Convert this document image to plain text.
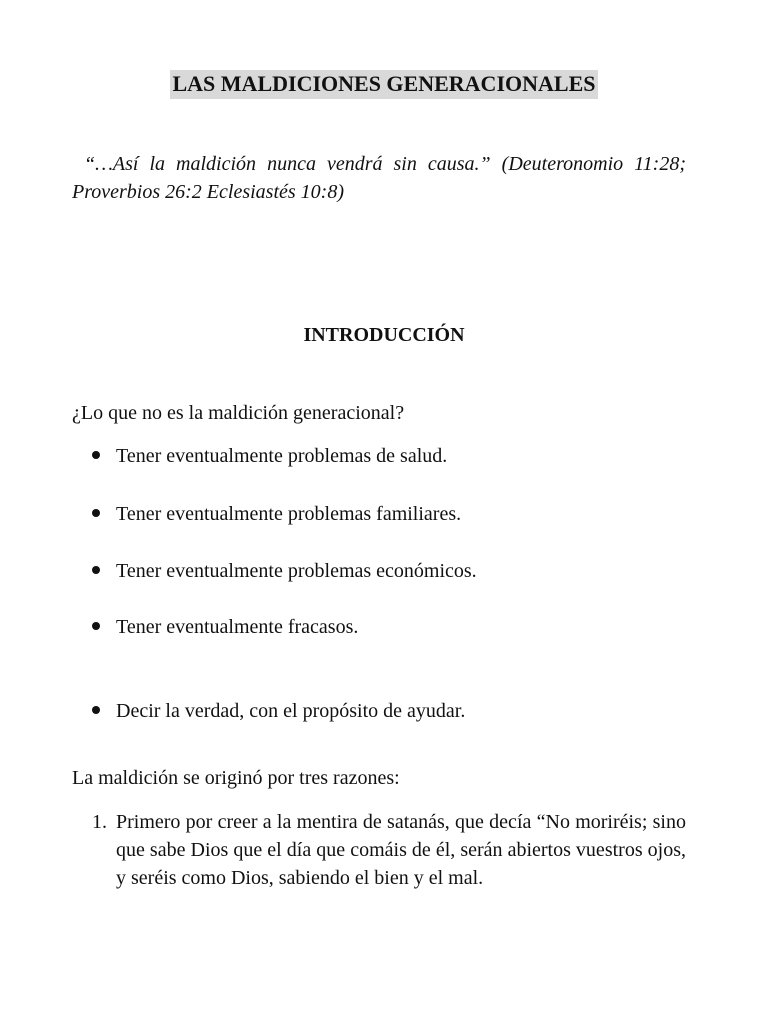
LAS MALDICIONES GENERACIONALES
“…Así la maldición nunca vendrá sin causa.” (Deuteronomio 11:28; Proverbios 26:2 Eclesiastés 10:8)
INTRODUCCIÓN
¿Lo que no es la maldición generacional?
Tener eventualmente problemas de salud.
Tener eventualmente problemas familiares.
Tener eventualmente problemas económicos.
Tener eventualmente fracasos.
Decir la verdad, con el propósito de ayudar.
La maldición se originó por tres razones:
1. Primero por creer a la mentira de satanás, que decía “No moriréis; sino que sabe Dios que el día que comáis de él, serán abiertos vuestros ojos, y seréis como Dios, sabiendo el bien y el mal.
